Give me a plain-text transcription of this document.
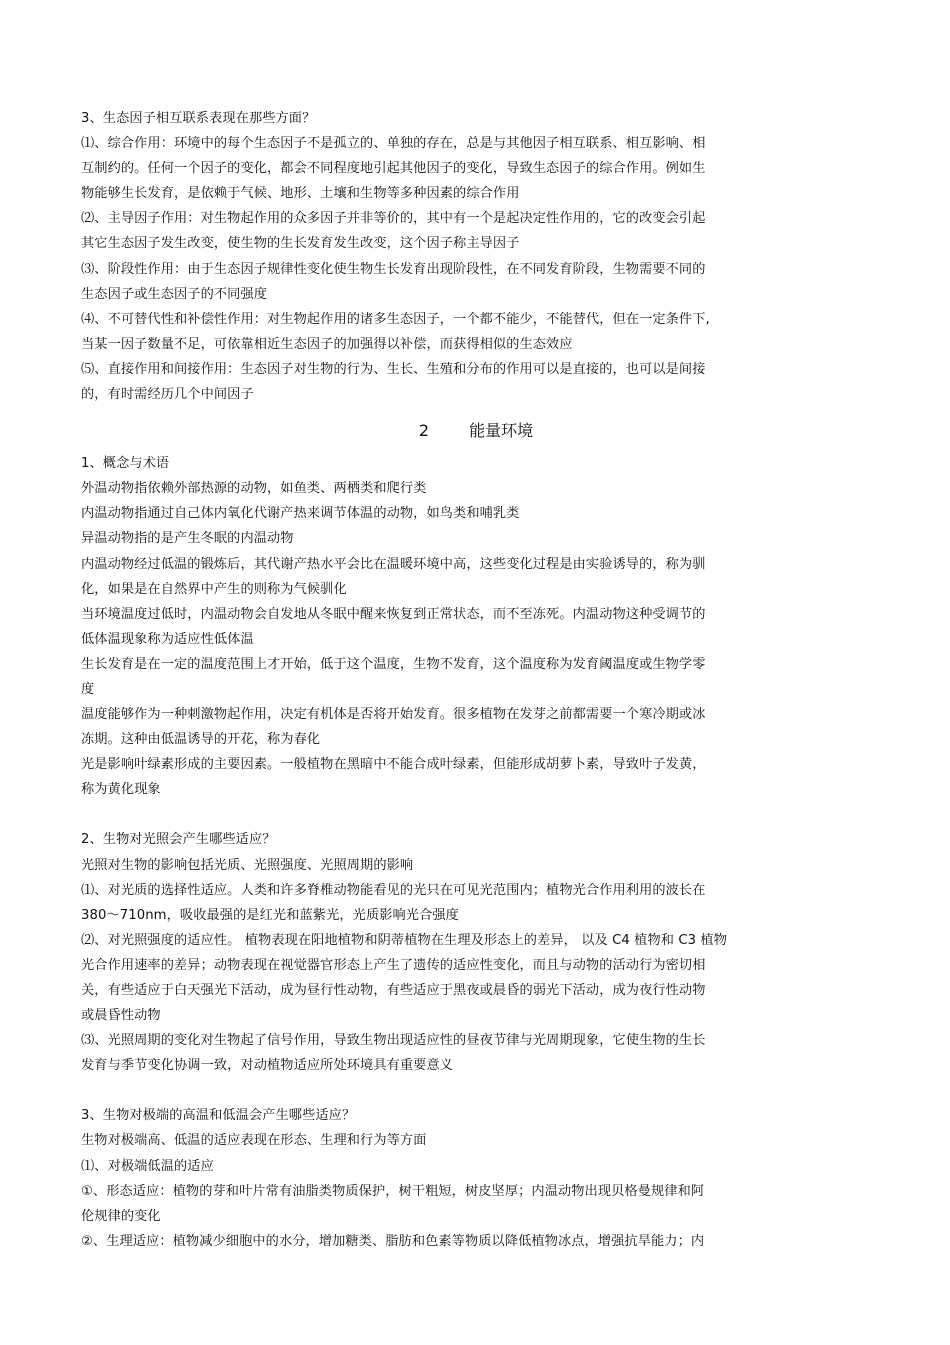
3、生态因子相互联系表现在那些方面？
⑴、综合作用：环境中的每个生态因子不是孤立的、单独的存在，总是与其他因子相互联系、相互影响、相
互制约的。任何一个因子的变化，都会不同程度地引起其他因子的变化，导致生态因子的综合作用。例如生
物能够生长发育，是依赖于气候、地形、土壤和生物等多种因素的综合作用
⑵、主导因子作用：对生物起作用的众多因子并非等价的，其中有一个是起决定性作用的，它的改变会引起
其它生态因子发生改变，使生物的生长发育发生改变，这个因子称主导因子
⑶、阶段性作用：由于生态因子规律性变化使生物生长发育出现阶段性，在不同发育阶段，生物需要不同的
生态因子或生态因子的不同强度
⑷、不可替代性和补偿性作用：对生物起作用的诸多生态因子，一个都不能少，不能替代，但在一定条件下,
当某一因子数量不足，可依靠相近生态因子的加强得以补偿，而获得相似的生态效应
⑸、直接作用和间接作用：生态因子对生物的行为、生长、生殖和分布的作用可以是直接的，也可以是间接
的，有时需经历几个中间因子
2	能量环境
1、概念与术语
外温动物指依赖外部热源的动物，如鱼类、两栖类和爬行类
内温动物指通过自己体内氧化代谢产热来调节体温的动物，如鸟类和哺乳类
异温动物指的是产生冬眠的内温动物
内温动物经过低温的锻炼后，其代谢产热水平会比在温暖环境中高，这些变化过程是由实验诱导的，称为驯
化，如果是在自然界中产生的则称为气候驯化
当环境温度过低时，内温动物会自发地从冬眠中醒来恢复到正常状态，而不至冻死。内温动物这种受调节的
低体温现象称为适应性低体温
生长发育是在一定的温度范围上才开始，低于这个温度，生物不发育，这个温度称为发育阈温度或生物学零
度
温度能够作为一种刺激物起作用，决定有机体是否将开始发育。很多植物在发芽之前都需要一个寒冷期或冰
冻期。这种由低温诱导的开花，称为春化
光是影响叶绿素形成的主要因素。一般植物在黑暗中不能合成叶绿素，但能形成胡萝卜素，导致叶子发黄，
称为黄化现象
2、生物对光照会产生哪些适应？
光照对生物的影响包括光质、光照强度、光照周期的影响
⑴、对光质的选择性适应。人类和许多脊椎动物能看见的光只在可见光范围内；植物光合作用利用的波长在
380～710nm，吸收最强的是红光和蓝紫光，光质影响光合强度
⑵、对光照强度的适应性。 植物表现在阳地植物和阴蒂植物在生理及形态上的差异， 以及 C4 植物和 C3 植物
光合作用速率的差异；动物表现在视觉器官形态上产生了遗传的适应性变化，而且与动物的活动行为密切相
关，有些适应于白天强光下活动，成为昼行性动物，有些适应于黑夜或晨昏的弱光下活动，成为夜行性动物
或晨昏性动物
⑶、光照周期的变化对生物起了信号作用，导致生物出现适应性的昼夜节律与光周期现象，它使生物的生长
发育与季节变化协调一致，对动植物适应所处环境具有重要意义
3、生物对极端的高温和低温会产生哪些适应？
生物对极端高、低温的适应表现在形态、生理和行为等方面
⑴、对极端低温的适应
①、形态适应：植物的芽和叶片常有油脂类物质保护，树干粗短，树皮坚厚；内温动物出现贝格曼规律和阿
伦规律的变化
②、生理适应：植物减少细胞中的水分，增加糖类、脂肪和色素等物质以降低植物冰点，增强抗旱能力；内
